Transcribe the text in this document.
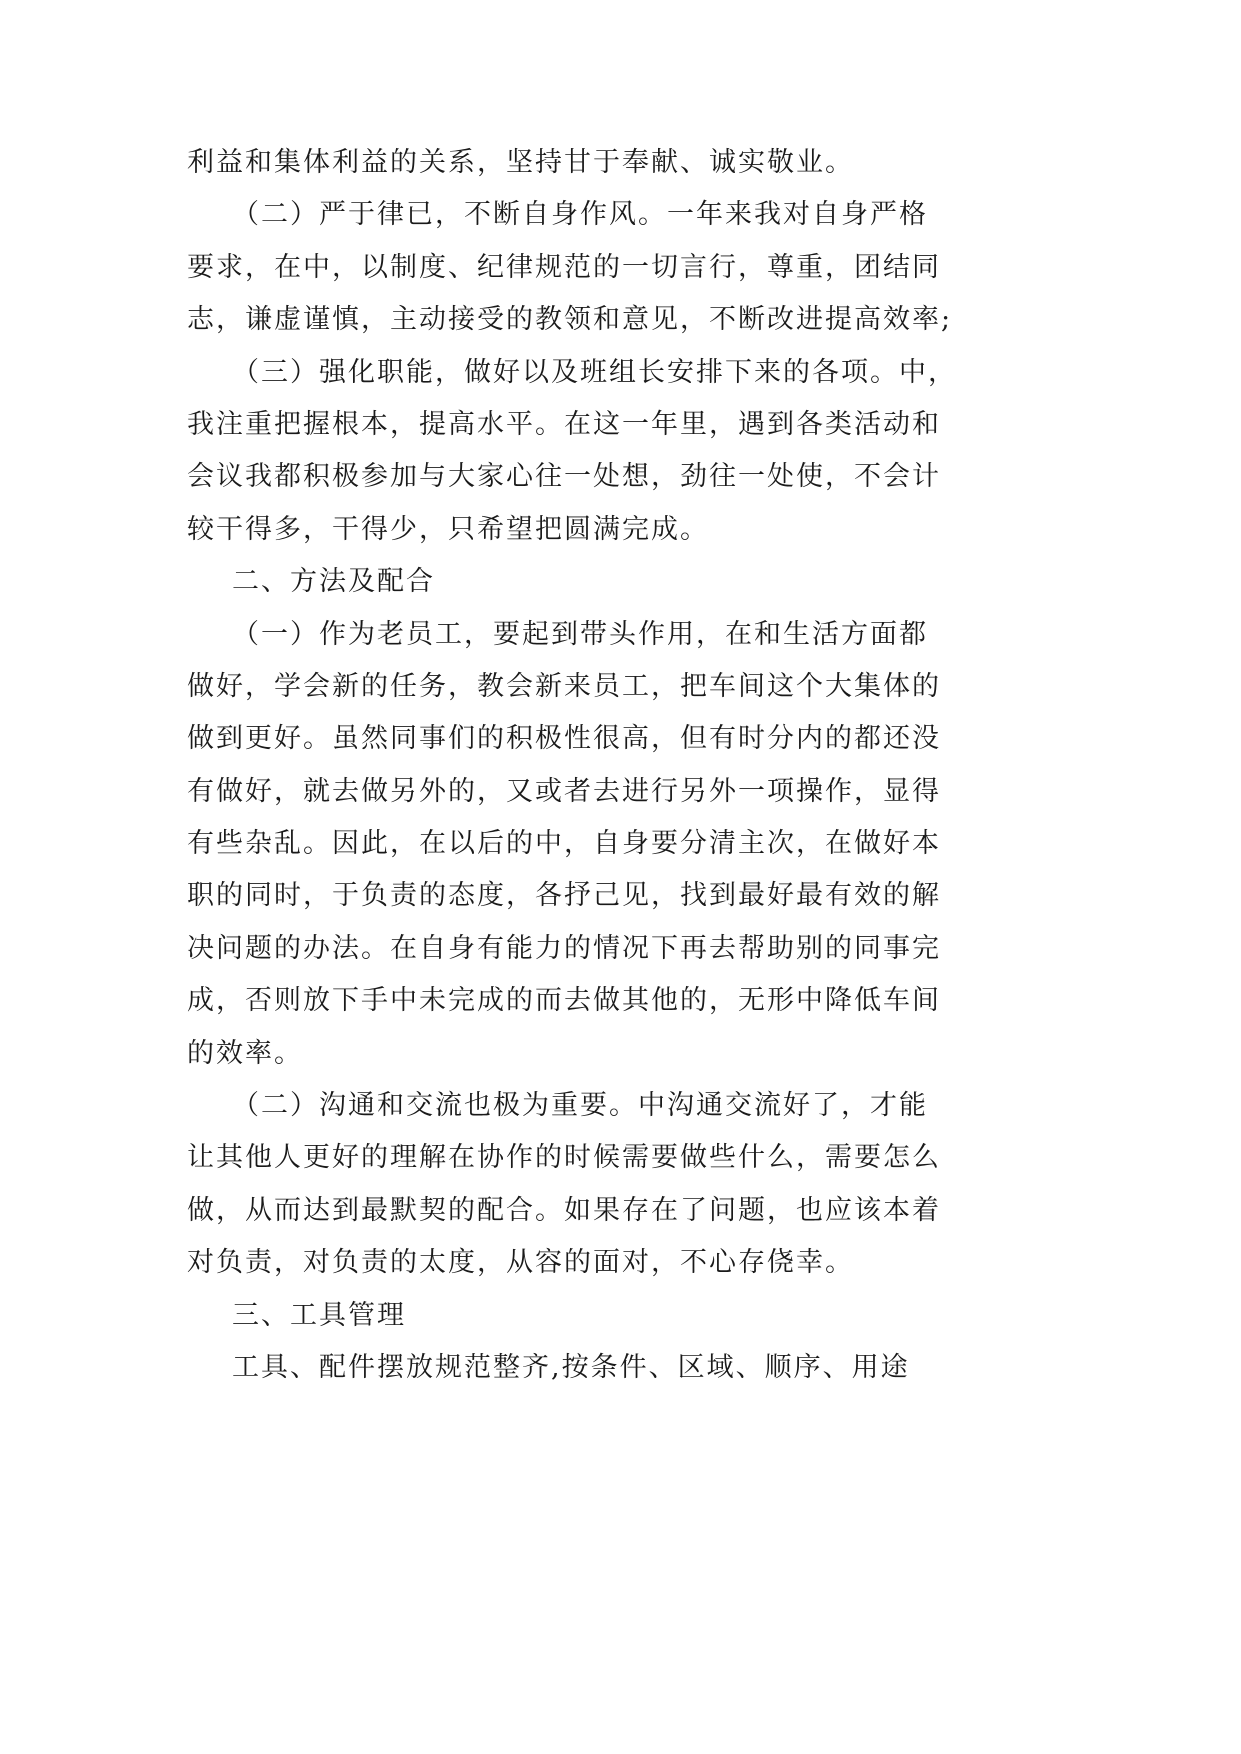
利益和集体利益的关系，坚持甘于奉献、诚实敬业。
（二）严于律已，不断自身作风。一年来我对自身严格
要求，在中，以制度、纪律规范的一切言行，尊重，团结同
志，谦虚谨慎，主动接受的教领和意见，不断改进提高效率;
（三）强化职能，做好以及班组长安排下来的各项。中，
我注重把握根本，提高水平。在这一年里，遇到各类活动和
会议我都积极参加与大家心往一处想，劲往一处使，不会计
较干得多，干得少，只希望把圆满完成。
二、方法及配合
（一）作为老员工，要起到带头作用，在和生活方面都
做好，学会新的任务，教会新来员工，把车间这个大集体的
做到更好。虽然同事们的积极性很高，但有时分内的都还没
有做好，就去做另外的，又或者去进行另外一项操作，显得
有些杂乱。因此，在以后的中，自身要分清主次，在做好本
职的同时，于负责的态度，各抒己见，找到最好最有效的解
决问题的办法。在自身有能力的情况下再去帮助别的同事完
成，否则放下手中未完成的而去做其他的，无形中降低车间
的效率。
（二）沟通和交流也极为重要。中沟通交流好了，才能
让其他人更好的理解在协作的时候需要做些什么，需要怎么
做，从而达到最默契的配合。如果存在了问题，也应该本着
对负责，对负责的太度，从容的面对，不心存侥幸。
三、工具管理
工具、配件摆放规范整齐,按条件、区域、顺序、用途
